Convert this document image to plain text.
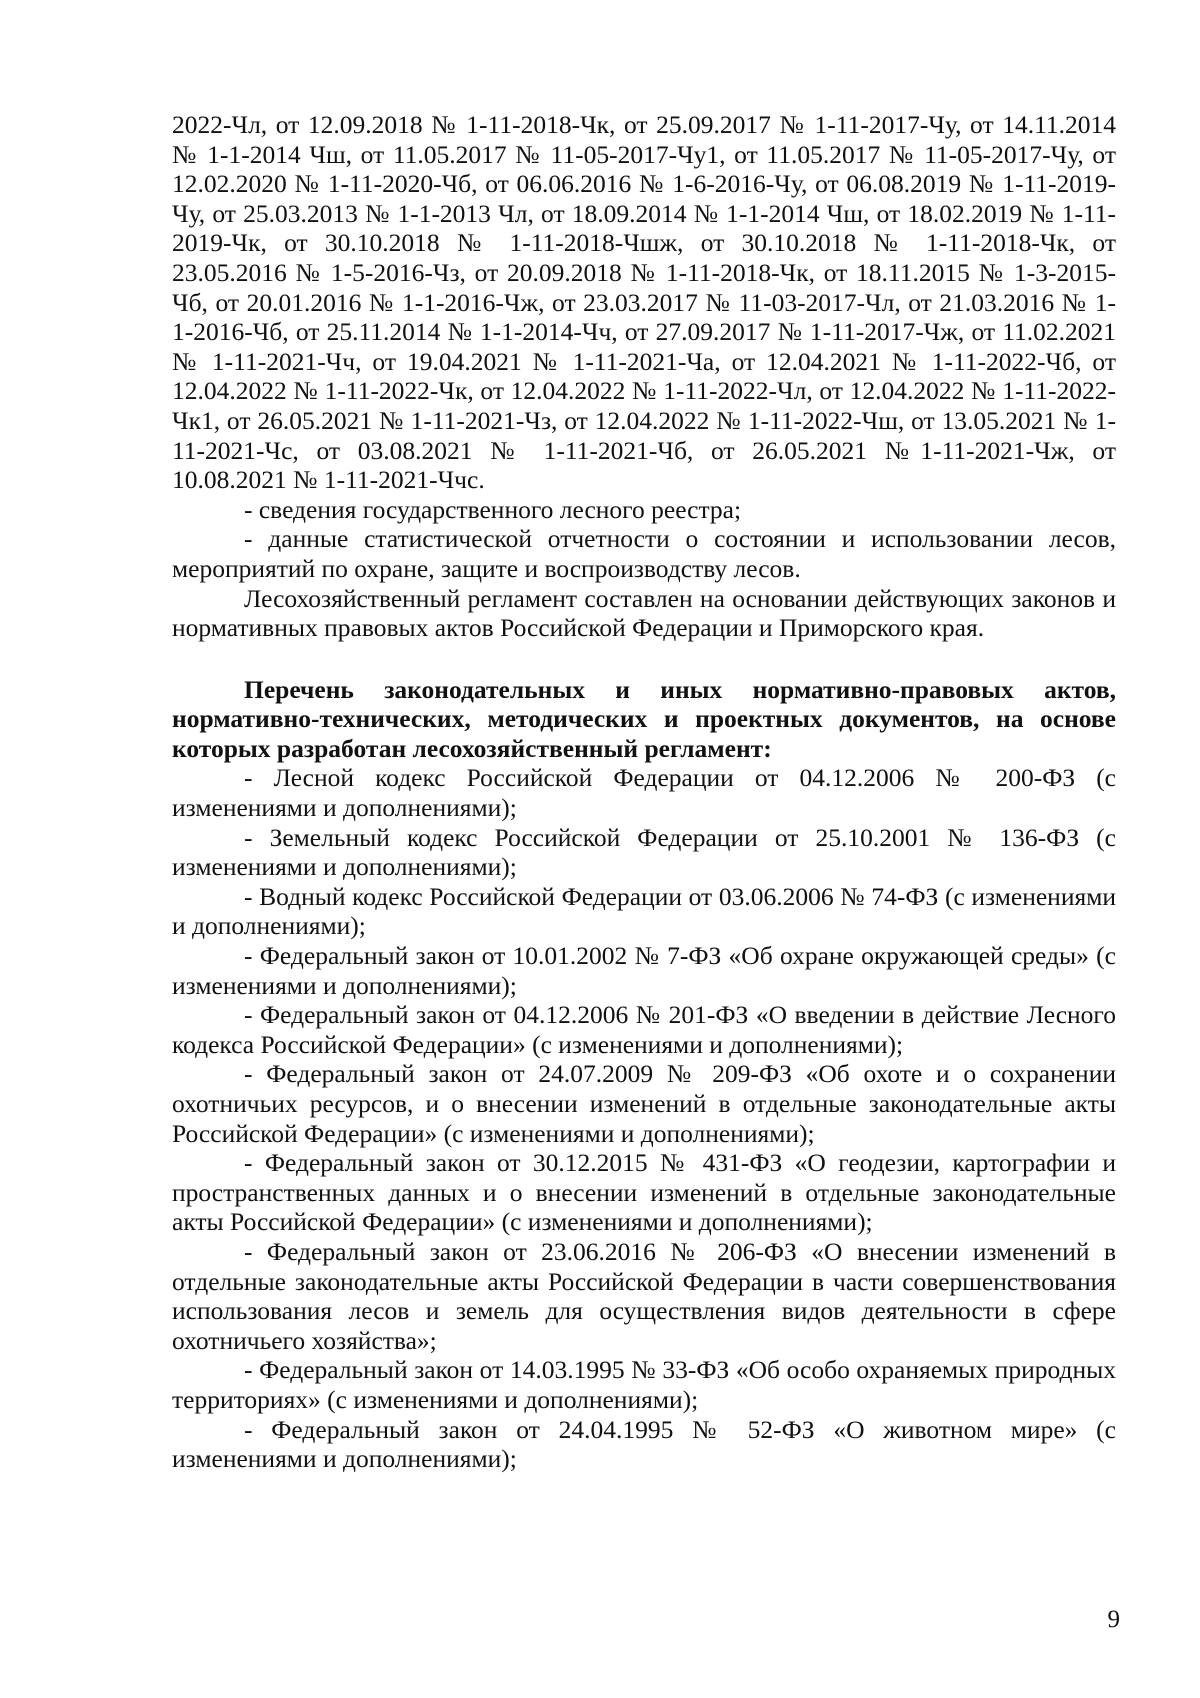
2022-Чл, от 12.09.2018 № 1-11-2018-Чк, от 25.09.2017 № 1-11-2017-Чу, от 14.11.2014 № 1-1-2014 Чш, от 11.05.2017 № 11-05-2017-Чу1, от 11.05.2017 № 11-05-2017-Чу, от 12.02.2020 № 1-11-2020-Чб, от 06.06.2016 № 1-6-2016-Чу, от 06.08.2019 № 1-11-2019-Чу, от 25.03.2013 № 1-1-2013 Чл, от 18.09.2014 № 1-1-2014 Чш, от 18.02.2019 № 1-11-2019-Чк, от 30.10.2018 № 1-11-2018-Чшж, от 30.10.2018 № 1-11-2018-Чк, от 23.05.2016 № 1-5-2016-Чз, от 20.09.2018 № 1-11-2018-Чк, от 18.11.2015 № 1-3-2015-Чб, от 20.01.2016 № 1-1-2016-Чж, от 23.03.2017 № 11-03-2017-Чл, от 21.03.2016 № 1-1-2016-Чб, от 25.11.2014 № 1-1-2014-Чч, от 27.09.2017 № 1-11-2017-Чж, от 11.02.2021 № 1-11-2021-Чч, от 19.04.2021 № 1-11-2021-Ча, от 12.04.2021 № 1-11-2022-Чб, от 12.04.2022 № 1-11-2022-Чк, от 12.04.2022 № 1-11-2022-Чл, от 12.04.2022 № 1-11-2022-Чк1, от 26.05.2021 № 1-11-2021-Чз, от 12.04.2022 № 1-11-2022-Чш, от 13.05.2021 № 1-11-2021-Чс, от 03.08.2021 № 1-11-2021-Чб, от 26.05.2021 №1-11-2021-Чж, от 10.08.2021 № 1-11-2021-Ччс.

- сведения государственного лесного реестра;

- данные статистической отчетности о состоянии и использовании лесов, мероприятий по охране, защите и воспроизводству лесов.

Лесохозяйственный регламент составлен на основании действующих законов и нормативных правовых актов Российской Федерации и Приморского края.

Перечень законодательных и иных нормативно-правовых актов, нормативно-технических, методических и проектных документов, на основе которых разработан лесохозяйственный регламент:

- Лесной кодекс Российской Федерации от 04.12.2006 № 200-ФЗ (с изменениями и дополнениями);

- Земельный кодекс Российской Федерации от 25.10.2001 № 136-ФЗ (с изменениями и дополнениями);

- Водный кодекс Российской Федерации от 03.06.2006 № 74-ФЗ (с изменениями и дополнениями);

- Федеральный закон от 10.01.2002 № 7-ФЗ «Об охране окружающей среды» (с изменениями и дополнениями);

- Федеральный закон от 04.12.2006 № 201-ФЗ «О введении в действие Лесного кодекса Российской Федерации» (с изменениями и дополнениями);

- Федеральный закон от 24.07.2009 № 209-ФЗ «Об охоте и о сохранении охотничьих ресурсов, и о внесении изменений в отдельные законодательные акты Российской Федерации» (с изменениями и дополнениями);

- Федеральный закон от 30.12.2015 № 431-ФЗ «О геодезии, картографии и пространственных данных и о внесении изменений в отдельные законодательные акты Российской Федерации» (с изменениями и дополнениями);

- Федеральный закон от 23.06.2016 № 206-ФЗ «О внесении изменений в отдельные законодательные акты Российской Федерации в части совершенствования использования лесов и земель для осуществления видов деятельности в сфере охотничьего хозяйства»;

- Федеральный закон от 14.03.1995 № 33-ФЗ «Об особо охраняемых природных территориях» (с изменениями и дополнениями);

- Федеральный закон от 24.04.1995 № 52-ФЗ «О животном мире» (с изменениями и дополнениями);

9
